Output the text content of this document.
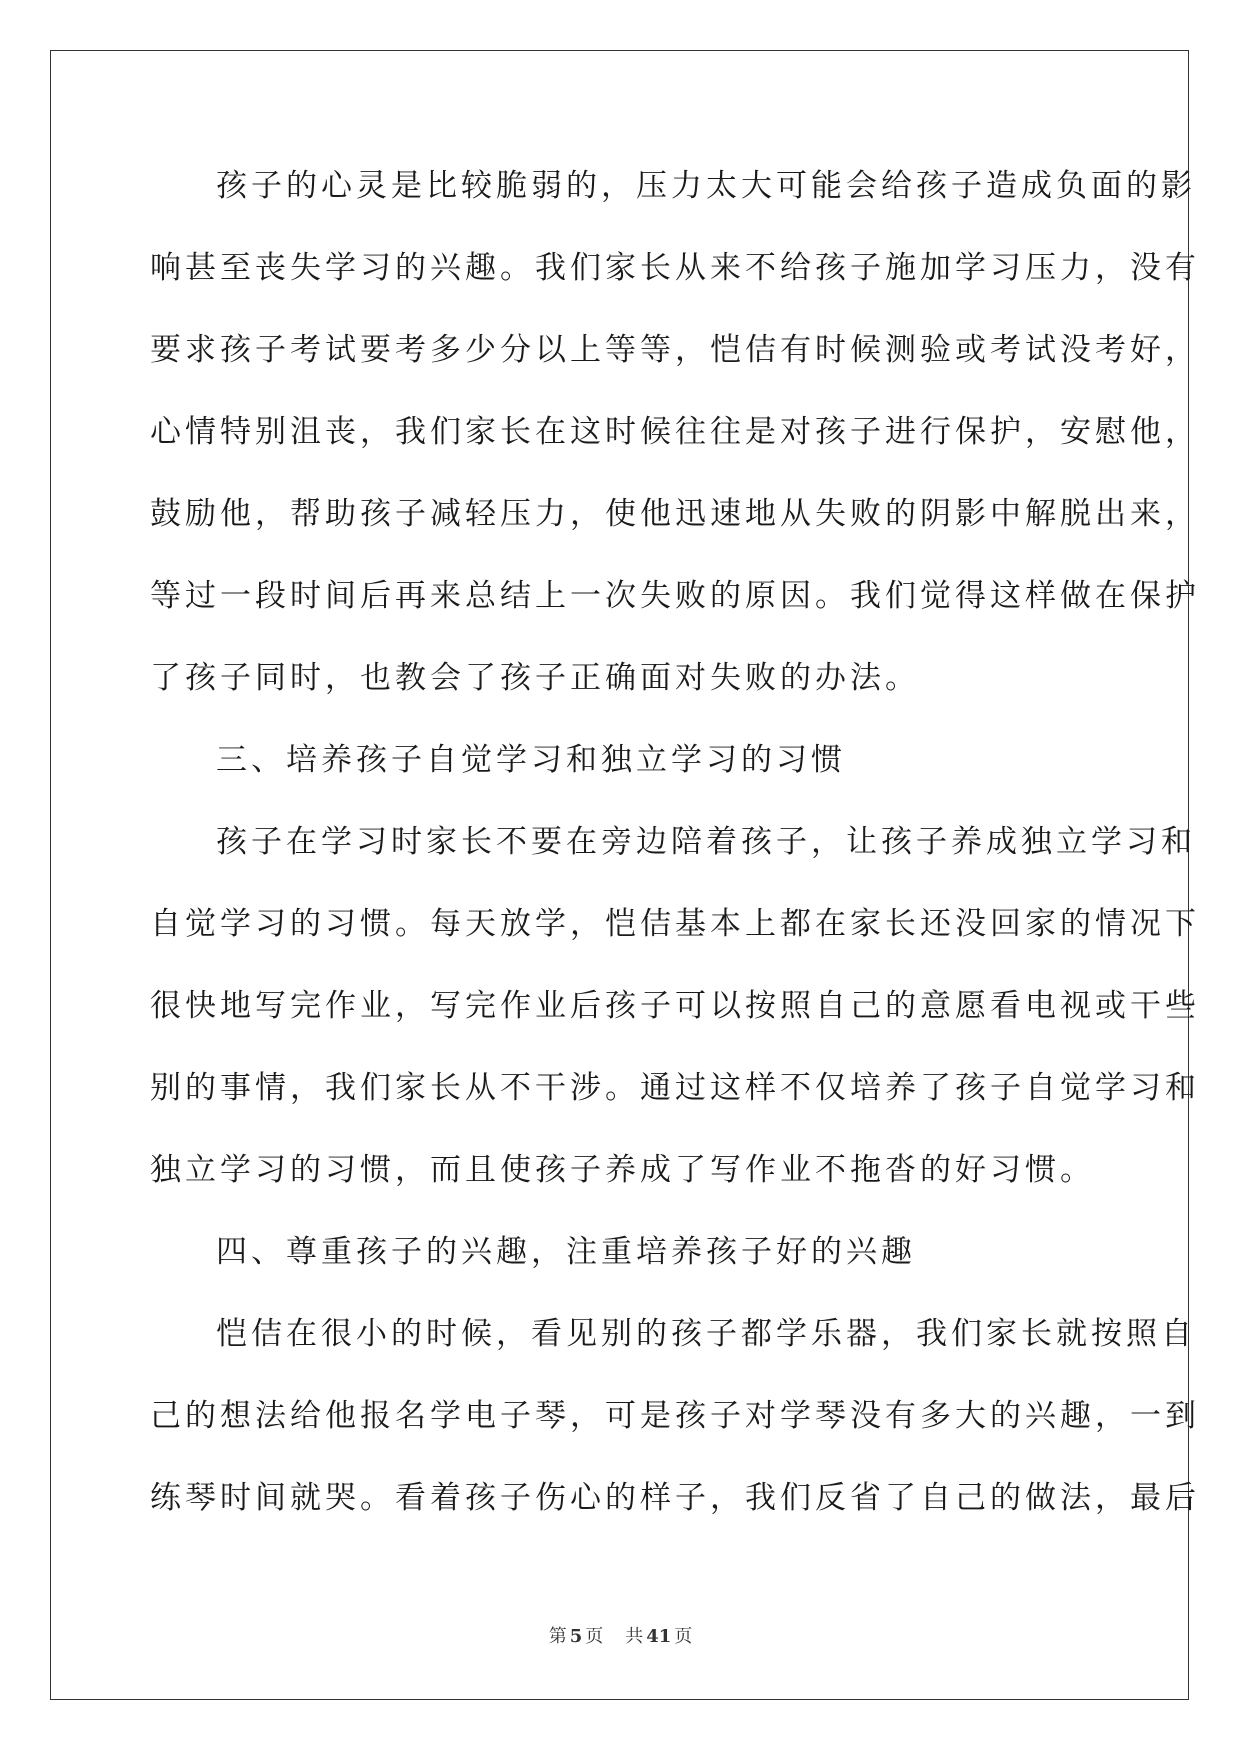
孩子的心灵是比较脆弱的，压力太大可能会给孩子造成负面的影
响甚至丧失学习的兴趣。我们家长从来不给孩子施加学习压力，没有
要求孩子考试要考多少分以上等等，恺佶有时候测验或考试没考好，
心情特别沮丧，我们家长在这时候往往是对孩子进行保护，安慰他，
鼓励他，帮助孩子减轻压力，使他迅速地从失败的阴影中解脱出来，
等过一段时间后再来总结上一次失败的原因。我们觉得这样做在保护
了孩子同时，也教会了孩子正确面对失败的办法。
三、培养孩子自觉学习和独立学习的习惯
孩子在学习时家长不要在旁边陪着孩子，让孩子养成独立学习和
自觉学习的习惯。每天放学，恺佶基本上都在家长还没回家的情况下
很快地写完作业，写完作业后孩子可以按照自己的意愿看电视或干些
别的事情，我们家长从不干涉。通过这样不仅培养了孩子自觉学习和
独立学习的习惯，而且使孩子养成了写作业不拖沓的好习惯。
四、尊重孩子的兴趣，注重培养孩子好的兴趣
恺佶在很小的时候，看见别的孩子都学乐器，我们家长就按照自
己的想法给他报名学电子琴，可是孩子对学琴没有多大的兴趣，一到
练琴时间就哭。看着孩子伤心的样子，我们反省了自己的做法，最后
第 5 页 共 41 页
